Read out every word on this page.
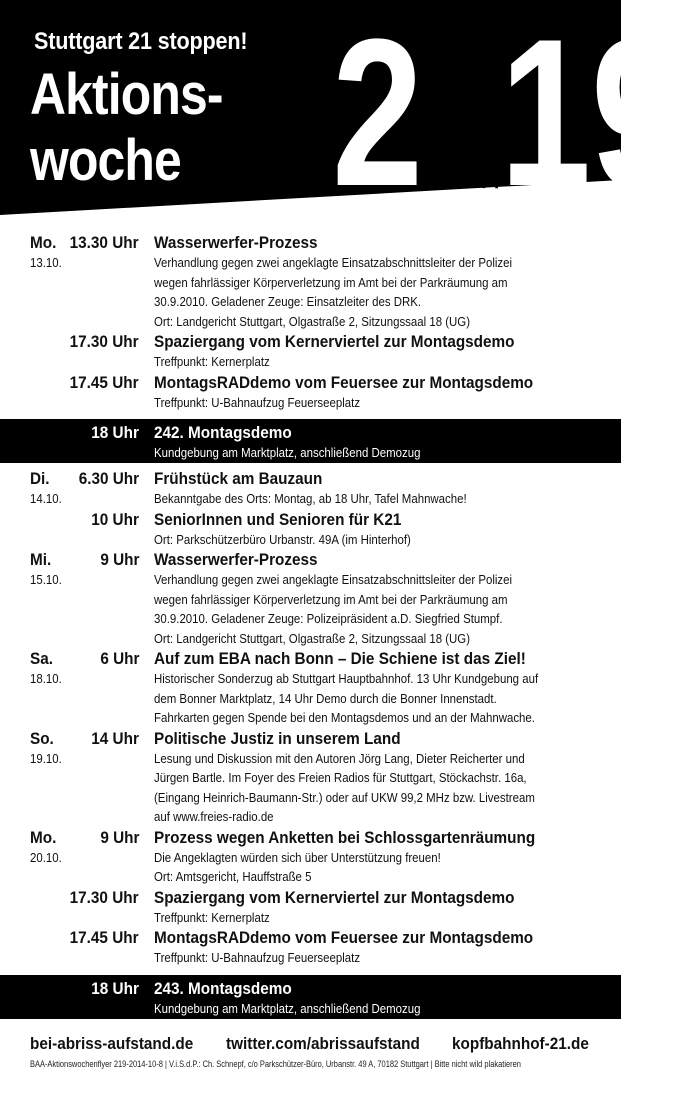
Stuttgart 21 stoppen!
Aktions-
woche 2 19
13.10.- 20.10.
Mo. 13.30 Uhr Wasserwerfer-Prozess
13.10.	Verhandlung gegen zwei angeklagte Einsatzabschnittsleiter der Polizei
wegen fahrlässiger Körperverletzung im Amt bei der Parkräumung am
30.9.2010. Geladener Zeuge: Einsatzleiter des DRK.
Ort: Landgericht Stuttgart, Olgastraße 2, Sitzungssaal 18 (UG)
17.30 Uhr Spaziergang vom Kernerviertel zur Montagsdemo
Treffpunkt: Kernerplatz
17.45 Uhr MontagsRADdemo vom Feuersee zur Montagsdemo
Treffpunkt: U-Bahnaufzug Feuerseeplatz
18 Uhr 242. Montagsdemo
Kundgebung am Marktplatz, anschließend Demozug
Di. 6.30 Uhr Frühstück am Bauzaun
14.10.	Bekanntgabe des Orts: Montag, ab 18 Uhr, Tafel Mahnwache!
10 Uhr SeniorInnen und Senioren für K21
Ort: Parkschützerbüro Urbanstr. 49A (im Hinterhof)
Mi.	9 Uhr Wasserwerfer-Prozess
15.10.	Verhandlung gegen zwei angeklagte Einsatzabschnittsleiter der Polizei
wegen fahrlässiger Körperverletzung im Amt bei der Parkräumung am
30.9.2010. Geladener Zeuge: Polizeipräsident a.D. Siegfried Stumpf.
Ort: Landgericht Stuttgart, Olgastraße 2, Sitzungssaal 18 (UG)
Sa.	6 Uhr Auf zum EBA nach Bonn – Die Schiene ist das Ziel!
18.10.	Historischer Sonderzug ab Stuttgart Hauptbahnhof. 13 Uhr Kundgebung auf
dem Bonner Marktplatz, 14 Uhr Demo durch die Bonner Innenstadt.
Fahrkarten gegen Spende bei den Montagsdemos und an der Mahnwache.
So. 14 Uhr Politische Justiz in unserem Land
19.10.	Lesung und Diskussion mit den Autoren Jörg Lang, Dieter Reicherter und
Jürgen Bartle. Im Foyer des Freien Radios für Stuttgart, Stöckachstr. 16a,
(Eingang Heinrich-Baumann-Str.) oder auf UKW 99,2 MHz bzw. Livestream
auf www.freies-radio.de
Mo.	9 Uhr Prozess wegen Anketten bei Schlossgartenräumung
20.10.	Die Angeklagten würden sich über Unterstützung freuen!
Ort: Amtsgericht, Hauffstraße 5
17.30 Uhr Spaziergang vom Kernerviertel zur Montagsdemo
Treffpunkt: Kernerplatz
17.45 Uhr MontagsRADdemo vom Feuersee zur Montagsdemo
Treffpunkt: U-Bahnaufzug Feuerseeplatz
18 Uhr 243. Montagsdemo
Kundgebung am Marktplatz, anschließend Demozug
bei-abriss-aufstand.de twitter.com/abrissaufstand kopfbahnhof-21.de
BAA-Aktionswochenflyer 219-2014-10-8 | V.i.S.d.P.: Ch. Schnepf, c/o Parkschützer-Büro, Urbanstr. 49 A, 70182 Stuttgart | Bitte nicht wild plakatieren
